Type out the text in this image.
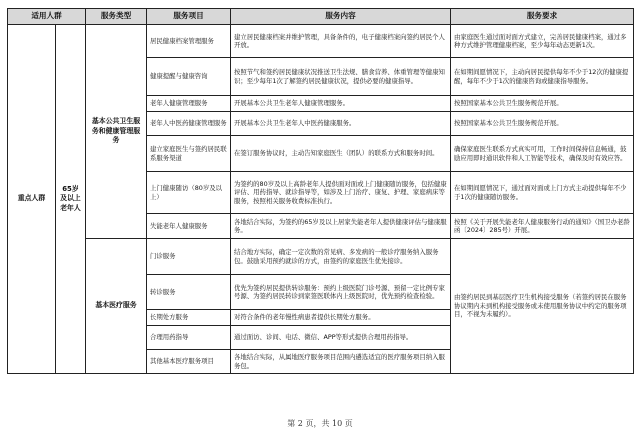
适用人群		服务类型	服务项目	服务内容	服务要求
重点人群	65岁及以上老年人	基本公共卫生服务和健康管理服务	居民健康档案管理服务	建立居民健康档案并维护管理，具备条件的，电子健康档案向签约居民个人开放。	由家庭医生通过面对面方式建立，完善居民健康档案，通过多种方式维护管理健康档案，至少每年动态更新1次。
			健康提醒与健康咨询	按照节气和签约居民健康状况推送卫生法规、膳食营养、体重管理等健康知识；至少每年1次了解签约居民健康状况，提供必要的健康指导。	在如期间愿情况下，主动向居民提供每年不少于12次的健康提醒，每年不少于1次的健康咨询或健康指导服务。
			老年人健康管理服务	开展基本公共卫生老年人健康管理服务。	按照国家基本公共卫生服务规范开展。
			老年人中医药健康管理服务	开展基本公共卫生老年人中医药健康服务。	按照国家基本公共卫生服务规范开展。
			建立家庭医生与签约居民联系服务渠道	在签订服务协议时，主动告知家庭医生（团队）的联系方式和服务时间。	确保家庭医生联系方式真实可用，工作时间保持信息畅通，鼓励应用即时通讯软件和人工智能等技术，确保及时有效应答。
			上门健康随访（80岁及以上）	为签约的80岁及以上高龄老年人提供面对面或上门健康随访服务，包括健康评估、用药指导、就诊指导等，如涉及上门治疗、康复、护理、家庭病床等服务，按照相关服务收费标准执行。	在如期间愿情况下，通过面对面或上门方式主动提供每年不少于1次的健康随访服务。
			失能老年人健康服务	各地结合实际，为签约的65岁及以上居家失能老年人提供健康评估与健康服务。	按照《关于开展失能老年人健康服务行动的通知》（国卫办老龄函〔2024〕285号）开展。
		基本医疗服务	门诊服务	结合地方实际，确定一定次数的常见病、多发病的一般诊疗服务纳入服务包。鼓励采用预约就诊的方式，由签约的家庭医生优先接诊。	由签约居民到基层医疗卫生机构接受服务（若签约居民在服务协议期内未到机构接受服务或未使用服务协议中约定的服务项目，不视为未履约）。
			转诊服务	优先为签约居民提供转诊服务：预约上级医院门诊号源、预留一定比例专家号源、为签约居民转诊到家签医联体内上级医院时，优先预约检查检验。	
			长期处方服务	对符合条件的老年慢性病患者提供长期处方服务。	
			合理用药指导	通过面访、诊间、电话、微信、APP等形式提供合理用药指导。	
			其他基本医疗服务项目	各地结合实际，从属地医疗服务项目范围内遴选适宜的医疗服务项目纳入服务包。	
第 2 页，共 10 页
